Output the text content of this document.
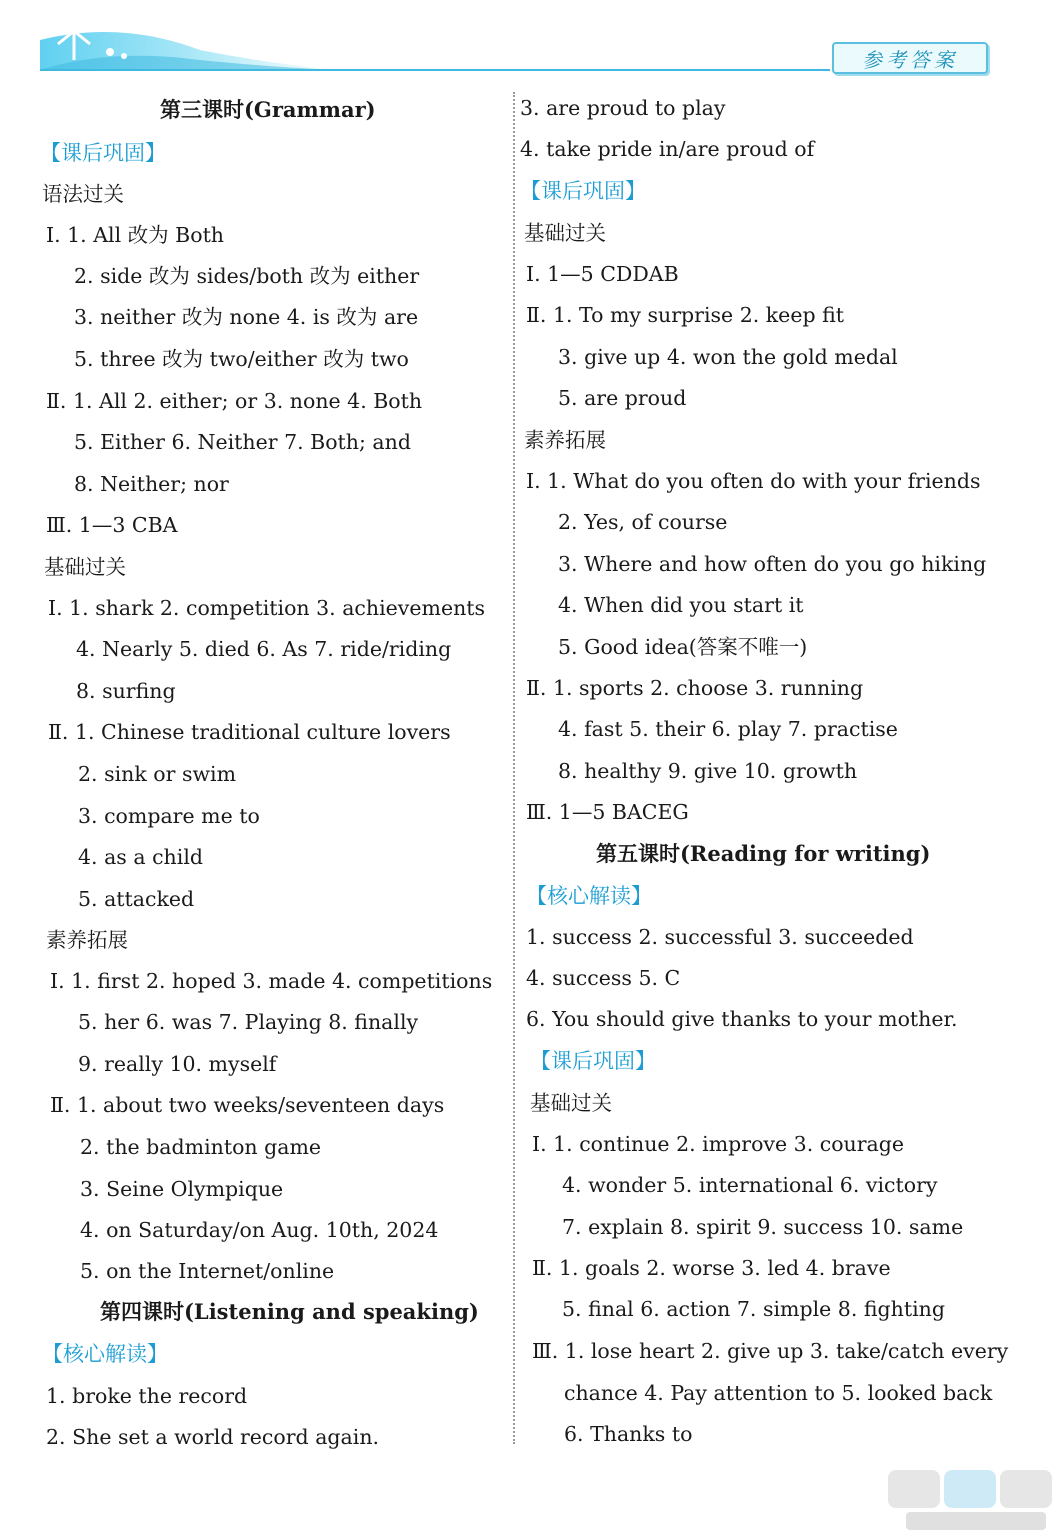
参考答案
第三课时(Grammar)
【课后巩固】
语法过关
Ⅰ. 1. All 改为 Both
2. side 改为 sides/both 改为 either
3. neither 改为 none 4. is 改为 are
5. three 改为 two/either 改为 two
Ⅱ. 1. All 2. either; or 3. none 4. Both
5. Either 6. Neither 7. Both; and
8. Neither; nor
Ⅲ. 1—3 CBA
基础过关
Ⅰ. 1. shark 2. competition 3. achievements
4. Nearly 5. died 6. As 7. ride/riding
8. surfing
Ⅱ. 1. Chinese traditional culture lovers
2. sink or swim
3. compare me to
4. as a child
5. attacked
素养拓展
Ⅰ. 1. first 2. hoped 3. made 4. competitions
5. her 6. was 7. Playing 8. finally
9. really 10. myself
Ⅱ. 1. about two weeks/seventeen days
2. the badminton game
3. Seine Olympique
4. on Saturday/on Aug. 10th, 2024
5. on the Internet/online
第四课时(Listening and speaking)
【核心解读】
1. broke the record
2. She set a world record again.
3. are proud to play
4. take pride in/are proud of
【课后巩固】
基础过关
Ⅰ. 1—5 CDDAB
Ⅱ. 1. To my surprise 2. keep fit
3. give up 4. won the gold medal
5. are proud
素养拓展
Ⅰ. 1. What do you often do with your friends
2. Yes, of course
3. Where and how often do you go hiking
4. When did you start it
5. Good idea(答案不唯一)
Ⅱ. 1. sports 2. choose 3. running
4. fast 5. their 6. play 7. practise
8. healthy 9. give 10. growth
Ⅲ. 1—5 BACEG
第五课时(Reading for writing)
【核心解读】
1. success 2. successful 3. succeeded
4. success 5. C
6. You should give thanks to your mother.
【课后巩固】
基础过关
Ⅰ. 1. continue 2. improve 3. courage
4. wonder 5. international 6. victory
7. explain 8. spirit 9. success 10. same
Ⅱ. 1. goals 2. worse 3. led 4. brave
5. final 6. action 7. simple 8. fighting
Ⅲ. 1. lose heart 2. give up 3. take/catch every
chance 4. Pay attention to 5. looked back
6. Thanks to
